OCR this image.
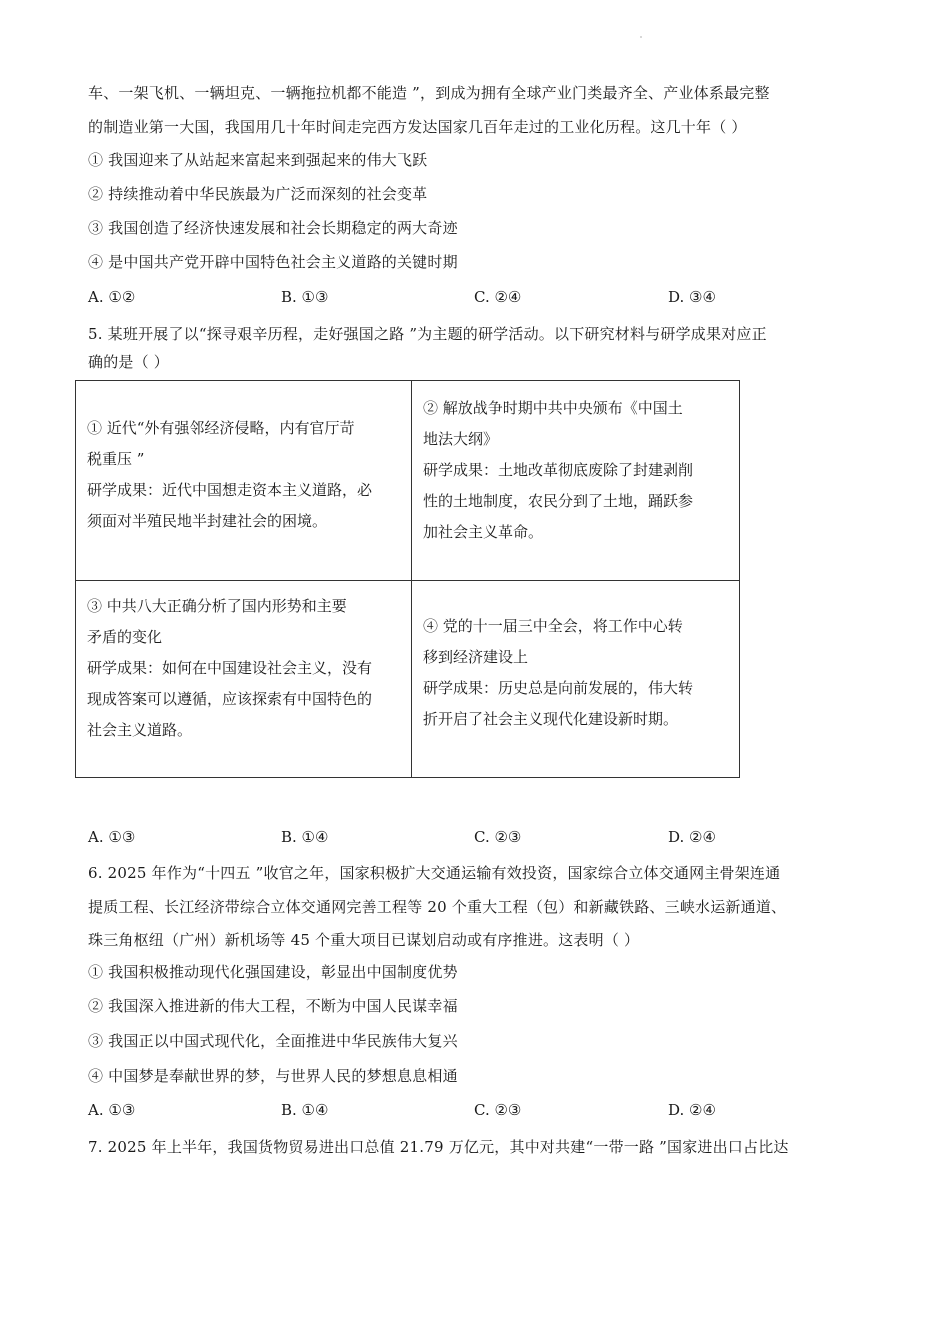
车、一架飞机、一辆坦克、一辆拖拉机都不能造 ”，到成为拥有全球产业门类最齐全、产业体系最完整
的制造业第一大国，我国用几十年时间走完西方发达国家几百年走过的工业化历程。这几十年（ ）
① 我国迎来了从站起来富起来到强起来的伟大飞跃
② 持续推动着中华民族最为广泛而深刻的社会变革
③ 我国创造了经济快速发展和社会长期稳定的两大奇迹
④ 是中国共产党开辟中国特色社会主义道路的关键时期
A. ①②	B. ①③	C. ②④	D. ③④
5. 某班开展了以“探寻艰辛历程，走好强国之路 ”为主题的研学活动。以下研究材料与研学成果对应正
确的是（ ）
① 近代“外有强邻经济侵略，内有官厅苛
税重压 ”
研学成果：近代中国想走资本主义道路，必
须面对半殖民地半封建社会的困境。
② 解放战争时期中共中央颁布《中国土
地法大纲》
研学成果：土地改革彻底废除了封建剥削
性的土地制度，农民分到了土地，踊跃参
加社会主义革命。
③ 中共八大正确分析了国内形势和主要
矛盾的变化
研学成果：如何在中国建设社会主义，没有
现成答案可以遵循，应该探索有中国特色的
社会主义道路。
④ 党的十一届三中全会，将工作中心转
移到经济建设上
研学成果：历史总是向前发展的，伟大转
折开启了社会主义现代化建设新时期。
A. ①③	B. ①④	C. ②③	D. ②④
6. 2025 年作为“十四五 ”收官之年，国家积极扩大交通运输有效投资，国家综合立体交通网主骨架连通
提质工程、长江经济带综合立体交通网完善工程等 20 个重大工程（包）和新藏铁路、三峡水运新通道、
珠三角枢纽（广州）新机场等 45 个重大项目已谋划启动或有序推进。这表明（ ）
① 我国积极推动现代化强国建设，彰显出中国制度优势
② 我国深入推进新的伟大工程，不断为中国人民谋幸福
③ 我国正以中国式现代化，全面推进中华民族伟大复兴
④ 中国梦是奉献世界的梦，与世界人民的梦想息息相通
A. ①③	B. ①④	C. ②③	D. ②④
7. 2025 年上半年，我国货物贸易进出口总值 21.79 万亿元，其中对共建“一带一路 ”国家进出口占比达
